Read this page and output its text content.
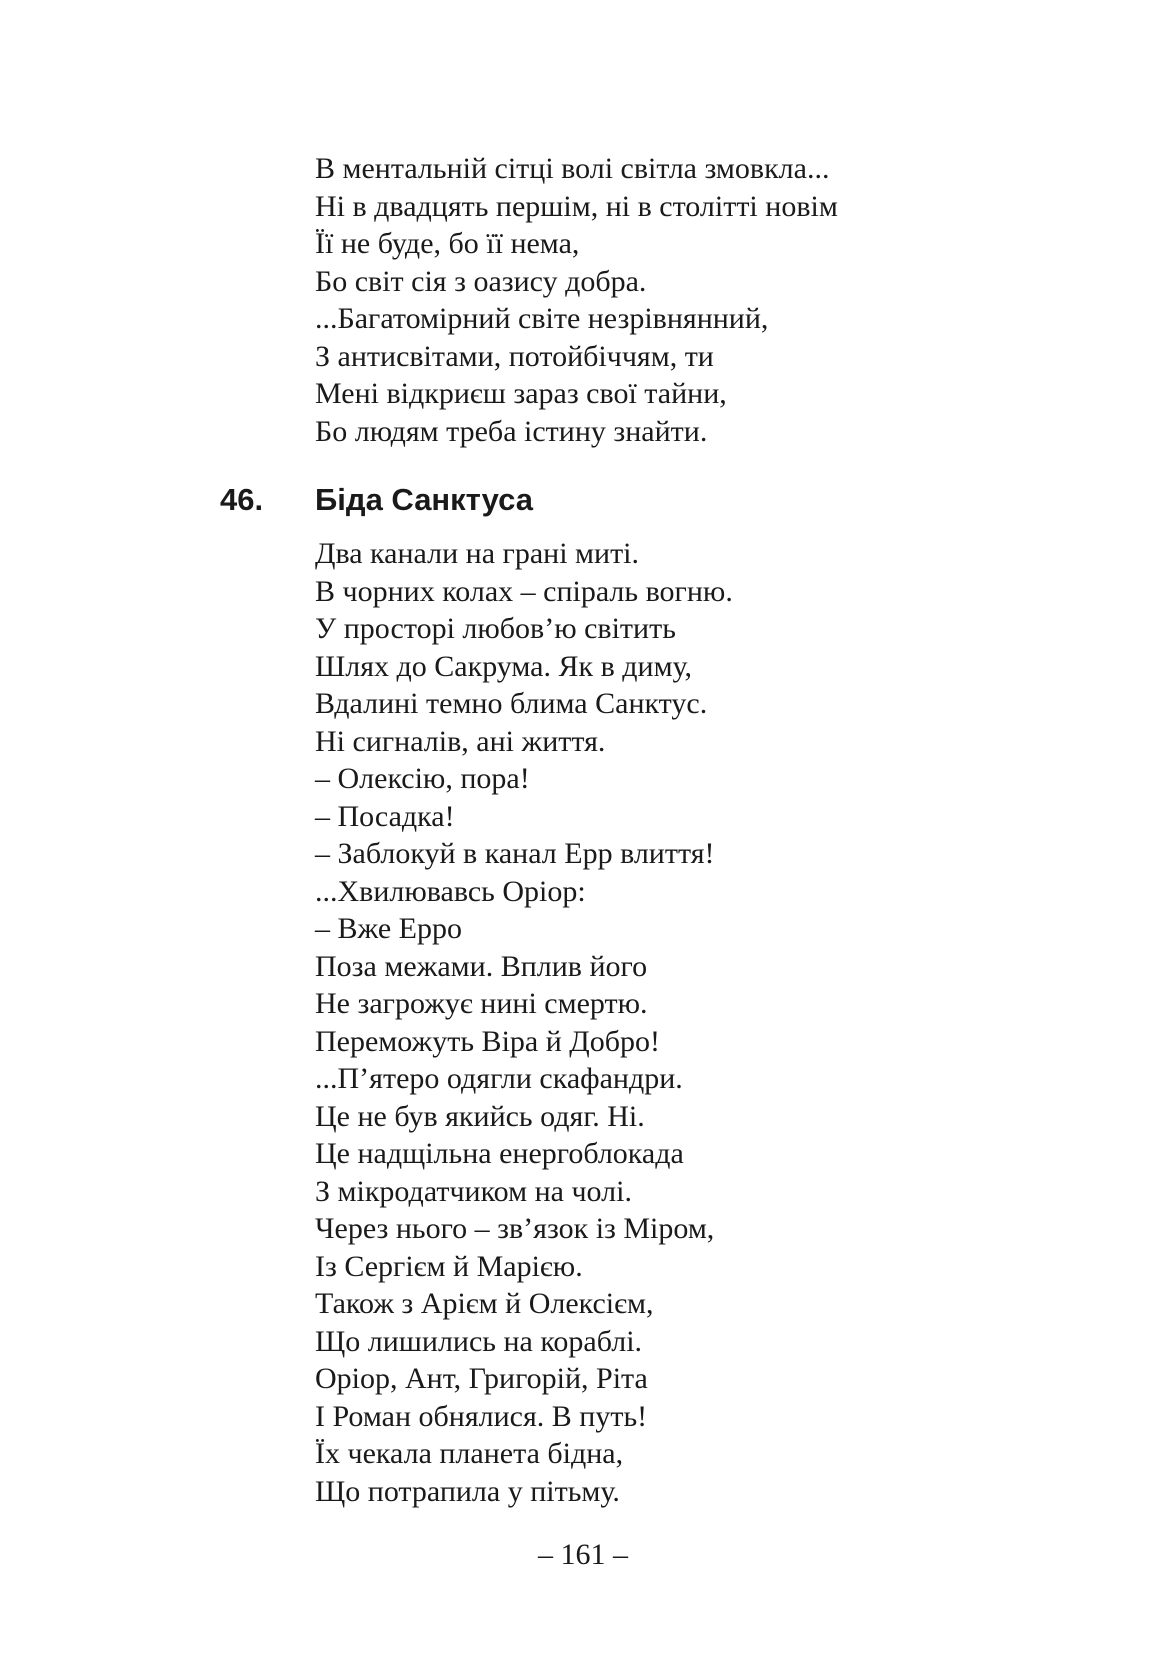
В ментальній сітці волі світла змовкла...
Ні в двадцять першім, ні в столітті новім
Її не буде, бо її нема,
Бо світ сія з оазису добра.
...Багатомірний світе незрівнянний,
З антисвітами, потойбіччям, ти
Мені відкриєш зараз свої тайни,
Бо людям треба істину знайти.
46. Біда Санктуса
Два канали на грані миті.
В чорних колах – спіраль вогню.
У просторі любов’ю світить
Шлях до Сакрума. Як в диму,
Вдалині темно блима Санктус.
Ні сигналів, ані життя.
– Олексію, пора!
– Посадка!
– Заблокуй в канал Ерр влиття!
...Хвилювавсь Оріор:
– Вже Ерро
Поза межами. Вплив його
Не загрожує нині смертю.
Переможуть Віра й Добро!
...П’ятеро одягли скафандри.
Це не був якийсь одяг. Ні.
Це надщільна енергоблокада
З мікродатчиком на чолі.
Через нього – зв’язок із Міром,
Із Сергієм й Марією.
Також з Арієм й Олексієм,
Що лишились на кораблі.
Оріор, Ант, Григорій, Ріта
І Роман обнялися. В путь!
Їх чекала планета бідна,
Що потрапила у пітьму.
– 161 –
